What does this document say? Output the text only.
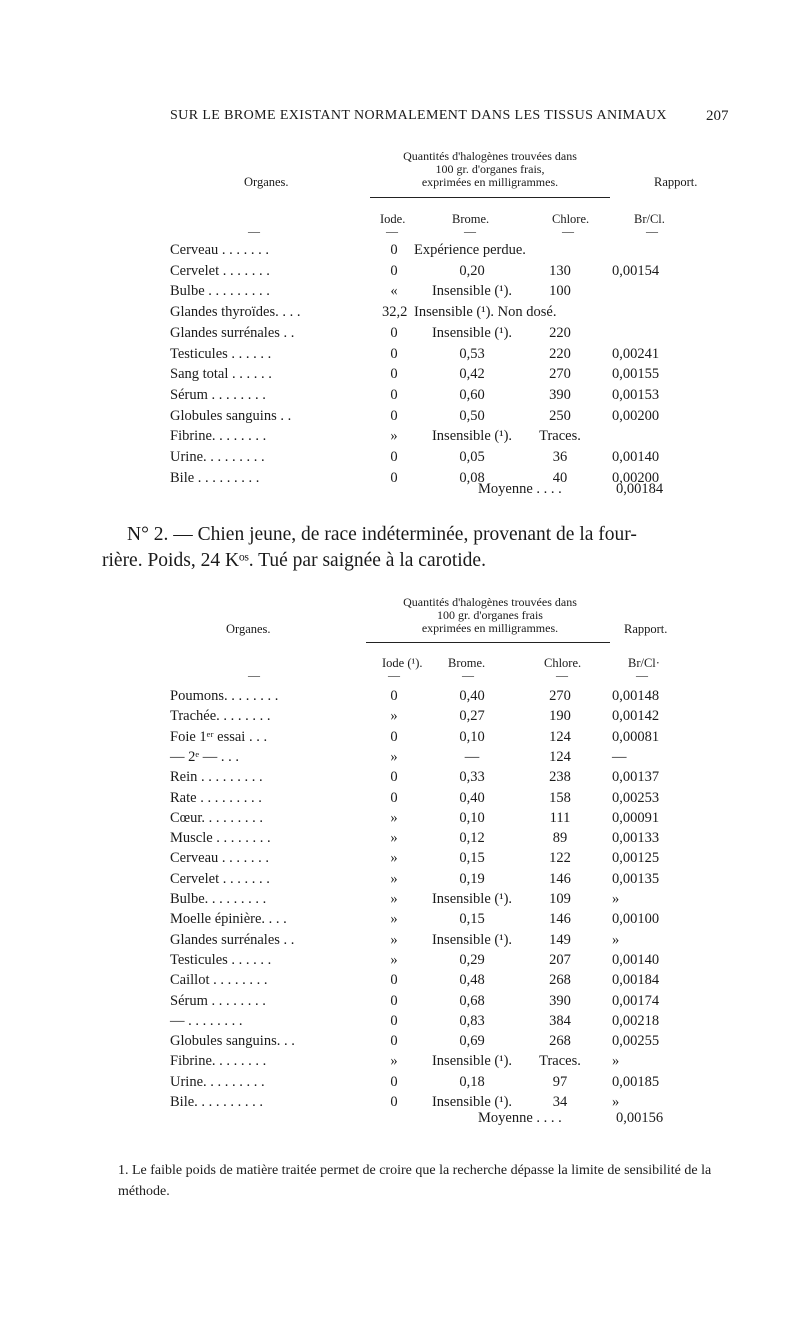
SUR LE BROME EXISTANT NORMALEMENT DANS LES TISSUS ANIMAUX	207
Quantités d'halogènes trouvées dans
100 gr. d'organes frais,
exprimées en milligrammes.
Organes.	Rapport.
Iode.	Brome.	Chlore.	Br/Cl.
—	—	—	—	—
Cerveau . . . . . . .	0	Expérience perdue.
Cervelet . . . . . . .	0	0,20	130	0,00154
Bulbe . . . . . . . . .	«	Insensible (¹).	100
Glandes thyroïdes. . . .	32,2 Insensible (¹). Non dosé.
Glandes surrénales . .	0	Insensible (¹).	220
Testicules . . . . . .	0	0,53	220	0,00241
Sang total . . . . . .	0	0,42	270	0,00155
Sérum . . . . . . . .	0	0,60	390	0,00153
Globules sanguins . .	0	0,50	250	0,00200
Fibrine. . . . . . . .	»	Insensible (¹).	Traces.
Urine. . . . . . . . .	0	0,05	36	0,00140
Bile . . . . . . . . .	0	0,08	40	0,00200
Moyenne . . . .	0,00184
N° 2. — Chien jeune, de race indéterminée, provenant de la four-
rière. Poids, 24 Kᵒˢ. Tué par saignée à la carotide.
Quantités d'halogènes trouvées dans
100 gr. d'organes frais
exprimées en milligrammes.
Organes.	Rapport.
Iode (¹). Brome.	Chlore.	Br/Cl·
—	—	—	—	—
Poumons. . . . . . . .	0	0,40	270	0,00148
Trachée. . . . . . . .	»	0,27	190	0,00142
Foie 1ᵉʳ essai . . .	0	0,10	124	0,00081
— 2ᵉ — . . .	»	—	124	—
Rein . . . . . . . . .	0	0,33	238	0,00137
Rate . . . . . . . . .	0	0,40	158	0,00253
Cœur. . . . . . . . .	»	0,10	111	0,00091
Muscle . . . . . . . .	»	0,12	89	0,00133
Cerveau . . . . . . .	»	0,15	122	0,00125
Cervelet . . . . . . .	»	0,19	146	0,00135
Bulbe. . . . . . . . .	»	Insensible (¹).	109	»
Moelle épinière. . . .	»	0,15	146	0,00100
Glandes surrénales . .	»	Insensible (¹).	149	»
Testicules . . . . . .	»	0,29	207	0,00140
Caillot . . . . . . . .	0	0,48	268	0,00184
Sérum . . . . . . . .	0	0,68	390	0,00174
— . . . . . . . .	0	0,83	384	0,00218
Globules sanguins. . .	0	0,69	268	0,00255
Fibrine. . . . . . . .	»	Insensible (¹).	Traces.	»
Urine. . . . . . . . .	0	0,18	97	0,00185
Bile. . . . . . . . . .	0	Insensible (¹).	34	»
Moyenne . . . .	0,00156
1. Le faible poids de matière traitée permet de croire que la recherche dépasse la limite de sensibilité de la méthode.
